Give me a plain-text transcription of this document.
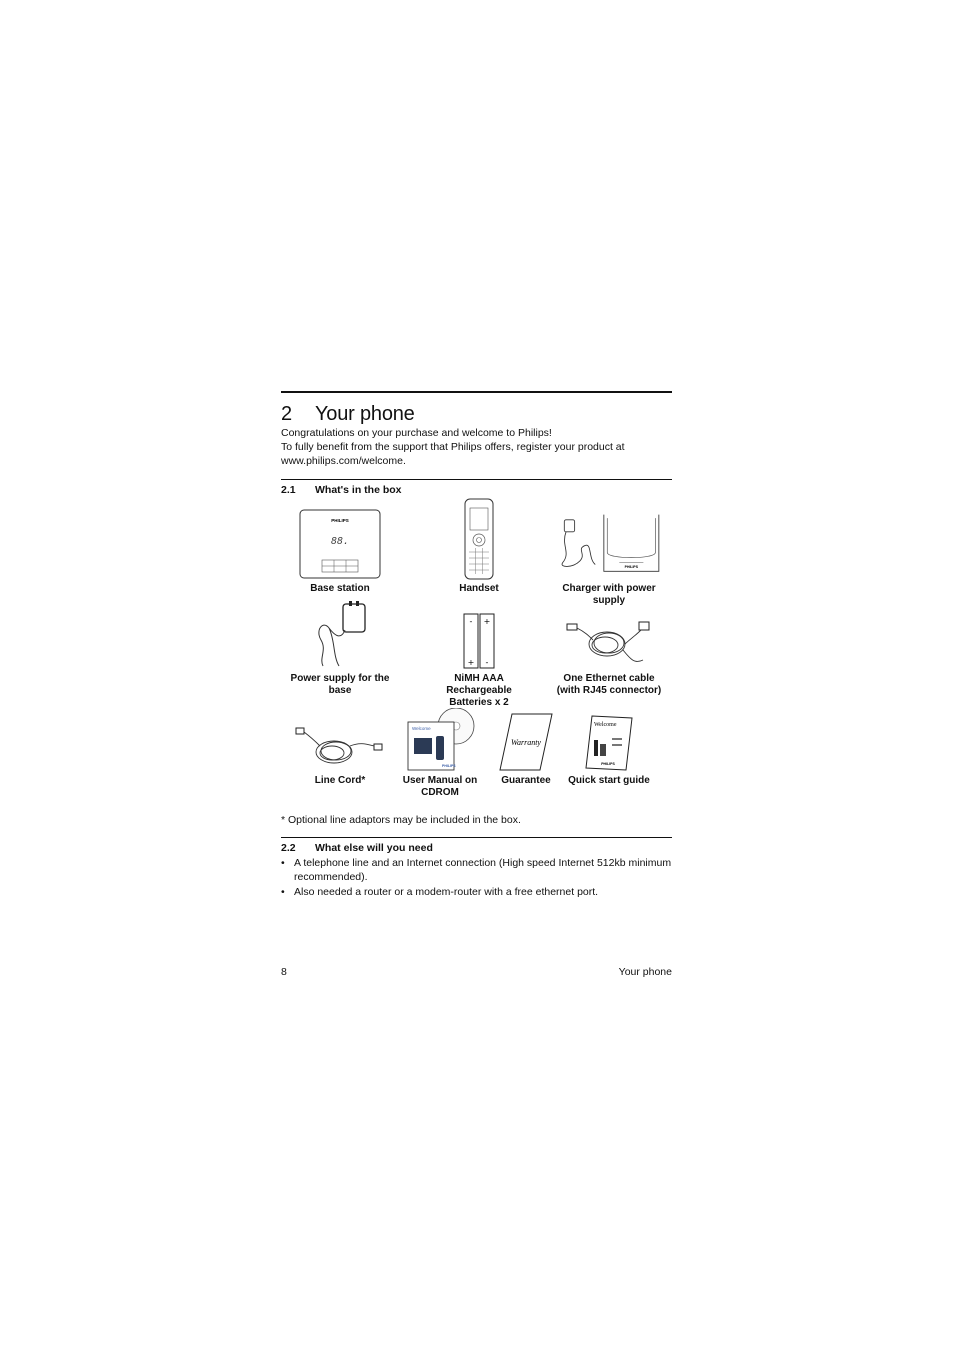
2	Your phone

Congratulations on your purchase and welcome to Philips!

To fully benefit from the support that Philips offers, register your product at www.philips.com/welcome.

2.1	What's in the box
PHILIPS
88.
Base station	Handset
PHILIPS
Charger with power supply
Power supply for the base
- +
+ -
NiMH AAA Rechargeable Batteries x 2
One Ethernet cable (with RJ45 connector)
Line Cord*
Welcome
PHILIPS
User Manual on CDROM
Warranty
Guarantee
Welcome
PHILIPS
Quick start guide
* Optional line adaptors may be included in the box.
2.2	What else will you need
• A telephone line and an Internet connection (High speed Internet 512kb minimum recommended).
• Also needed a router or a modem-router with a free ethernet port.
8	Your phone
